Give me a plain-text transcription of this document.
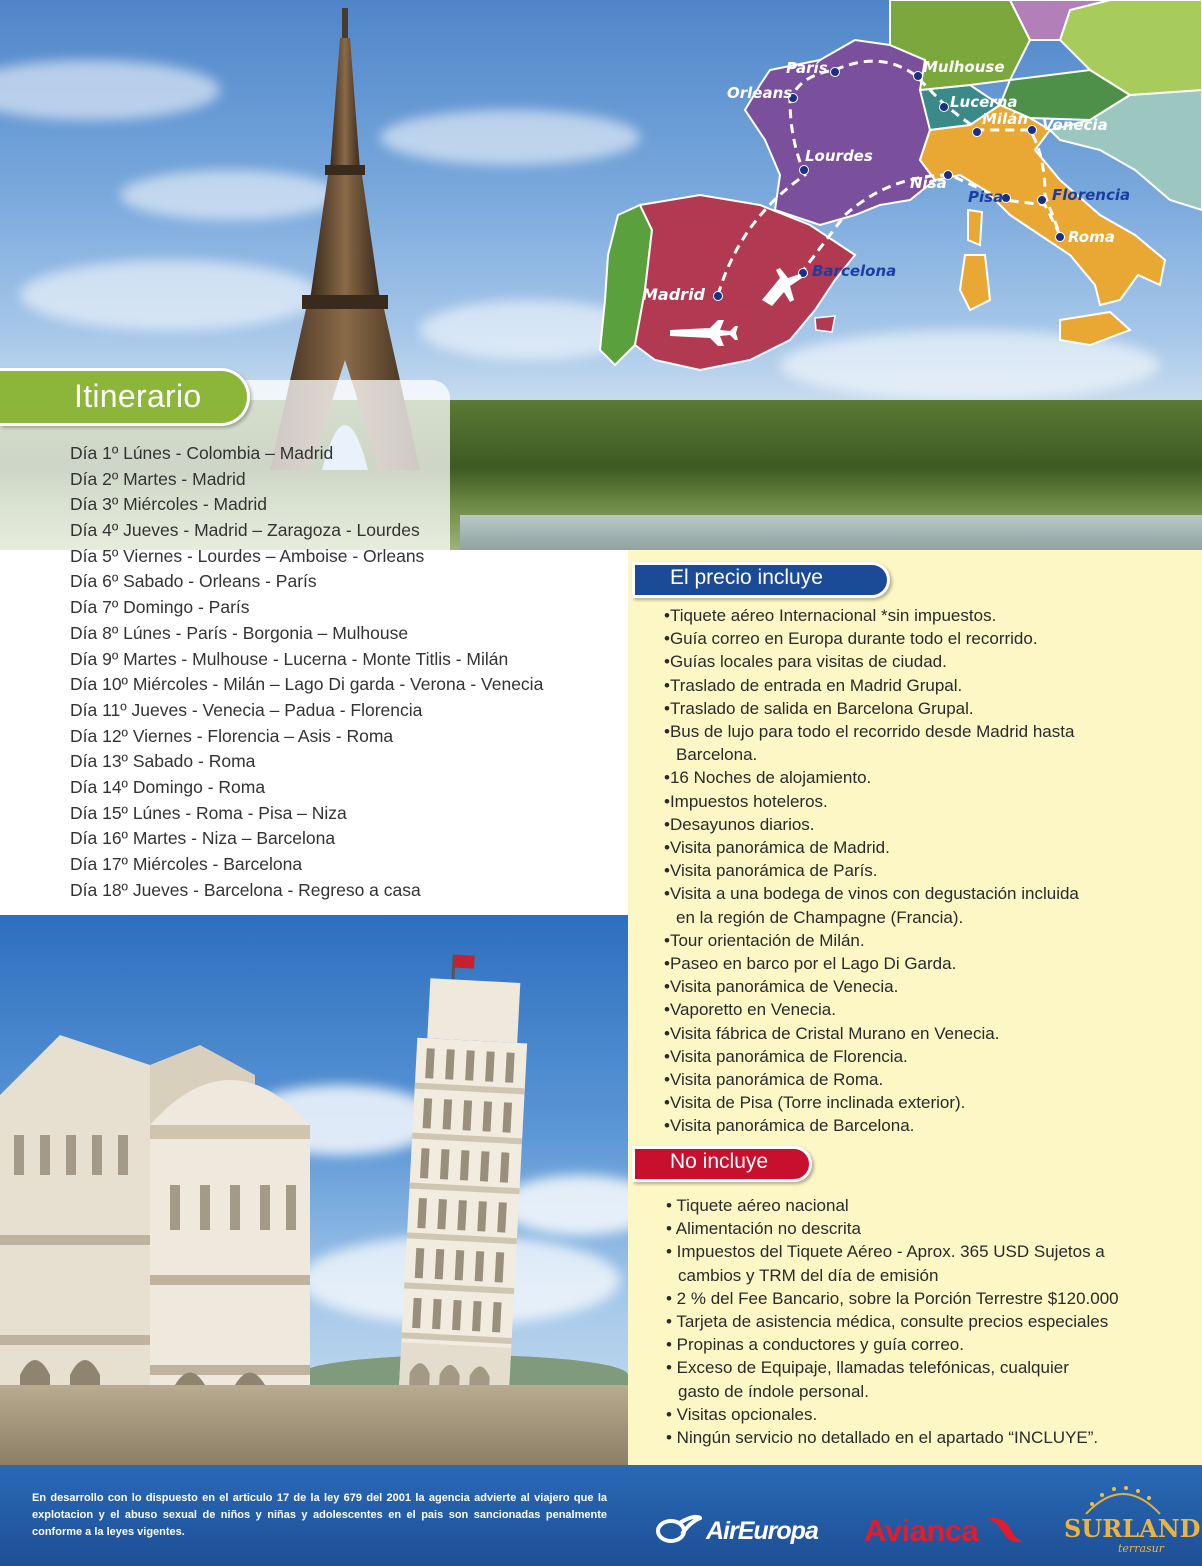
París	Mulhouse
Orleans	Lucerna
Milán Venecia
Lourdes
Nisa
Pisa	Florencia
Roma
Barcelona
Madrid
Itinerario
Día 1º Lúnes - Colombia – Madrid
Día 2º Martes - Madrid
Día 3º Miércoles - Madrid
Día 4º Jueves - Madrid – Zaragoza - Lourdes
Día 5º Viernes - Lourdes – Amboise - Orleans
Día 6º Sabado - Orleans - París
Día 7º Domingo - París
Día 8º Lúnes - París - Borgonia – Mulhouse
Día 9º Martes - Mulhouse - Lucerna - Monte Titlis - Milán
Día 10º Miércoles - Milán – Lago Di garda - Verona - Venecia
Día 11º Jueves - Venecia – Padua - Florencia
Día 12º Viernes - Florencia – Asis - Roma
Día 13º Sabado - Roma
Día 14º Domingo - Roma
Día 15º Lúnes - Roma - Pisa – Niza
Día 16º Martes - Niza – Barcelona
Día 17º Miércoles - Barcelona
Día 18º Jueves - Barcelona - Regreso a casa
El precio incluye
•Tiquete aéreo Internacional *sin impuestos.
•Guía correo en Europa durante todo el recorrido.
•Guías locales para visitas de ciudad.
•Traslado de entrada en Madrid Grupal.
•Traslado de salida en Barcelona Grupal.
•Bus de lujo para todo el recorrido desde Madrid hasta
Barcelona.
•16 Noches de alojamiento.
•Impuestos hoteleros.
•Desayunos diarios.
•Visita panorámica de Madrid.
•Visita panorámica de París.
•Visita a una bodega de vinos con degustación incluida
en la región de Champagne (Francia).
•Tour orientación de Milán.
•Paseo en barco por el Lago Di Garda.
•Visita panorámica de Venecia.
•Vaporetto en Venecia.
•Visita fábrica de Cristal Murano en Venecia.
•Visita panorámica de Florencia.
•Visita panorámica de Roma.
•Visita de Pisa (Torre inclinada exterior).
•Visita panorámica de Barcelona.
No incluye
• Tiquete aéreo nacional
• Alimentación no descrita
• Impuestos del Tiquete Aéreo - Aprox. 365 USD Sujetos a
cambios y TRM del día de emisión
• 2 % del Fee Bancario, sobre la Porción Terrestre $120.000
• Tarjeta de asistencia médica, consulte precios especiales
• Propinas a conductores y guía correo.
• Exceso de Equipaje, llamadas telefónicas, cualquier
gasto de índole personal.
• Visitas opcionales.
• Ningún servicio no detallado en el apartado “INCLUYE”.
En desarrollo con lo dispuesto en el articulo 17 de la ley 679 del 2001 la agencia advierte al viajero que la explotacion y el abuso sexual de niños y niñas y adolescentes en el pais son sancionadas penalmente conforme a la leyes vigentes.	AirEuropa Avianca	SURLAND
terrasur
